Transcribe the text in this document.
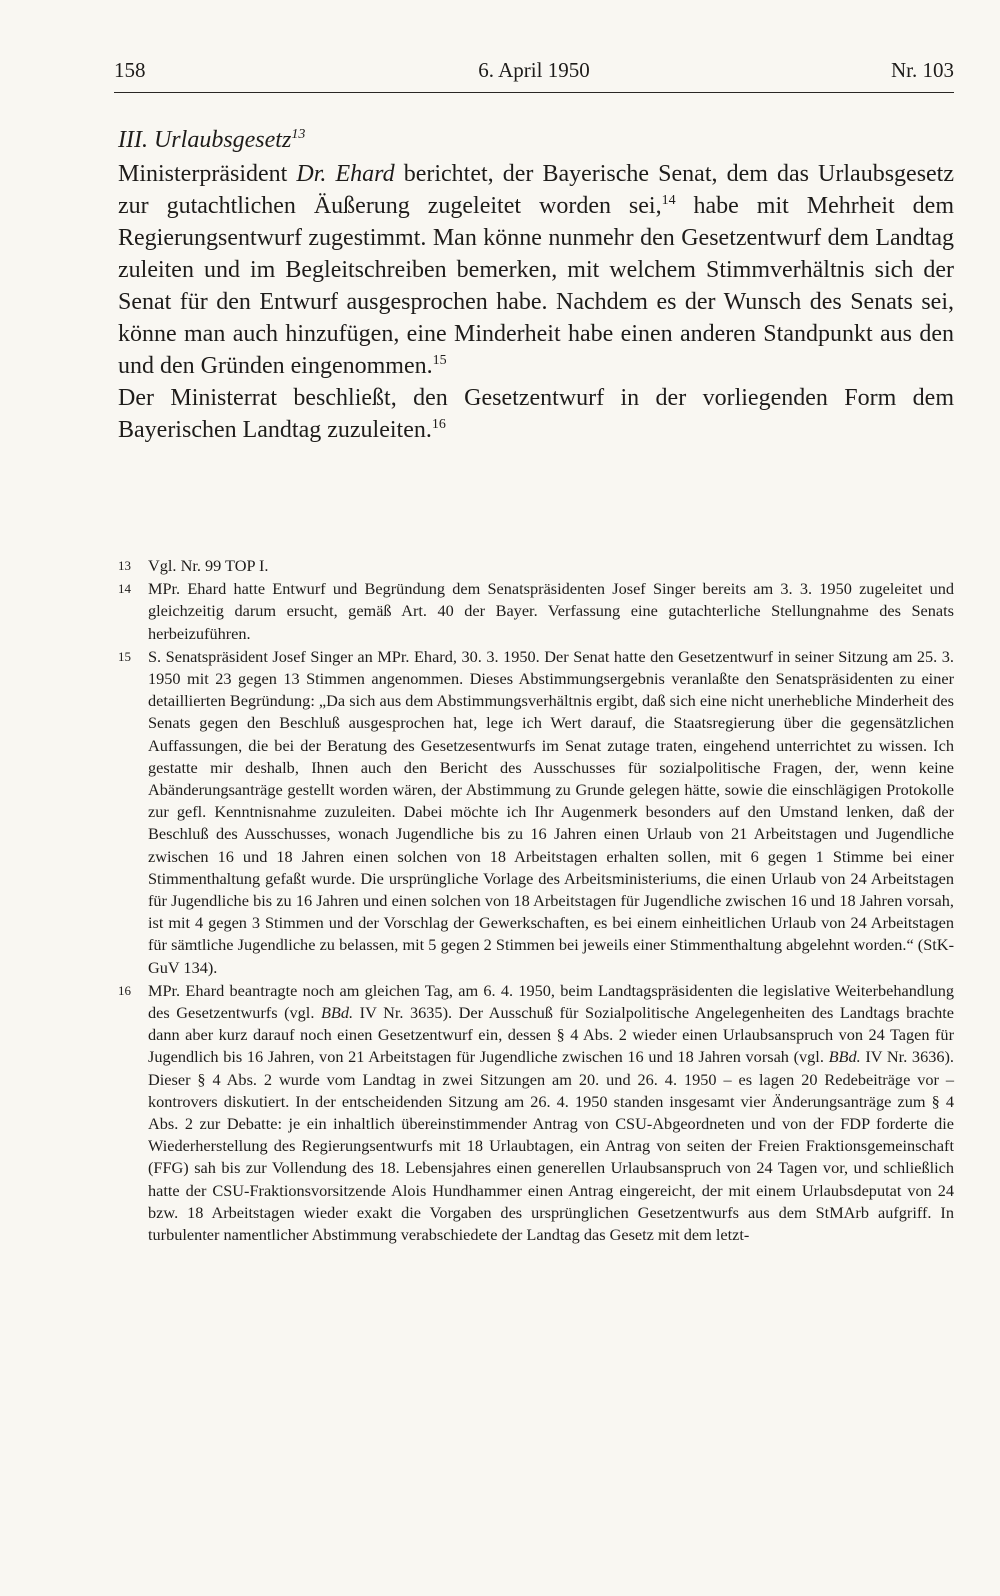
158	6. April 1950	Nr. 103
III. Urlaubsgesetz$^{13}$

Ministerpräsident Dr. Ehard berichtet, der Bayerische Senat, dem das Urlaubsgesetz zur gutachtlichen Äußerung zugeleitet worden sei,$^{14}$ habe mit Mehrheit dem Regierungsentwurf zugestimmt. Man könne nunmehr den Gesetzentwurf dem Landtag zuleiten und im Begleitschreiben bemerken, mit welchem Stimmverhältnis sich der Senat für den Entwurf ausgesprochen habe. Nachdem es der Wunsch des Senats sei, könne man auch hinzufügen, eine Minderheit habe einen anderen Standpunkt aus den und den Gründen eingenommen.$^{15}$

Der Ministerrat beschließt, den Gesetzentwurf in der vorliegenden Form dem Bayerischen Landtag zuzuleiten.$^{16}$

13 Vgl. Nr. 99 TOP I.
14 MPr. Ehard hatte Entwurf und Begründung dem Senatspräsidenten Josef Singer bereits am 3. 3. 1950 zugeleitet und gleichzeitig darum ersucht, gemäß Art. 40 der Bayer. Verfassung eine gutachterliche Stellungnahme des Senats herbeizuführen.
15 S. Senatspräsident Josef Singer an MPr. Ehard, 30. 3. 1950. Der Senat hatte den Gesetzentwurf in seiner Sitzung am 25. 3. 1950 mit 23 gegen 13 Stimmen angenommen. Dieses Abstimmungsergebnis veranlaßte den Senatspräsidenten zu einer detaillierten Begründung: „Da sich aus dem Abstimmungsverhältnis ergibt, daß sich eine nicht unerhebliche Minderheit des Senats gegen den Beschluß ausgesprochen hat, lege ich Wert darauf, die Staatsregierung über die gegensätzlichen Auffassungen, die bei der Beratung des Gesetzesentwurfs im Senat zutage traten, eingehend unterrichtet zu wissen. Ich gestatte mir deshalb, Ihnen auch den Bericht des Ausschusses für sozialpolitische Fragen, der, wenn keine Abänderungsanträge gestellt worden wären, der Abstimmung zu Grunde gelegen hätte, sowie die einschlägigen Protokolle zur gefl. Kenntnisnahme zuzuleiten. Dabei möchte ich Ihr Augenmerk besonders auf den Umstand lenken, daß der Beschluß des Ausschusses, wonach Jugendliche bis zu 16 Jahren einen Urlaub von 21 Arbeitstagen und Jugendliche zwischen 16 und 18 Jahren einen solchen von 18 Arbeitstagen erhalten sollen, mit 6 gegen 1 Stimme bei einer Stimmenthaltung gefaßt wurde. Die ursprüngliche Vorlage des Arbeitsministeriums, die einen Urlaub von 24 Arbeitstagen für Jugendliche bis zu 16 Jahren und einen solchen von 18 Arbeitstagen für Jugendliche zwischen 16 und 18 Jahren vorsah, ist mit 4 gegen 3 Stimmen und der Vorschlag der Gewerkschaften, es bei einem einheitlichen Urlaub von 24 Arbeitstagen für sämtliche Jugendliche zu belassen, mit 5 gegen 2 Stimmen bei jeweils einer Stimmenthaltung abgelehnt worden.“ (StK-GuV 134).
16 MPr. Ehard beantragte noch am gleichen Tag, am 6. 4. 1950, beim Landtagspräsidenten die legislative Weiterbehandlung des Gesetzentwurfs (vgl. BBd. IV Nr. 3635). Der Ausschuß für Sozialpolitische Angelegenheiten des Landtags brachte dann aber kurz darauf noch einen Gesetzentwurf ein, dessen § 4 Abs. 2 wieder einen Urlaubsanspruch von 24 Tagen für Jugendlich bis 16 Jahren, von 21 Arbeitstagen für Jugendliche zwischen 16 und 18 Jahren vorsah (vgl. BBd. IV Nr. 3636). Dieser § 4 Abs. 2 wurde vom Landtag in zwei Sitzungen am 20. und 26. 4. 1950 – es lagen 20 Redebeiträge vor – kontrovers diskutiert. In der entscheidenden Sitzung am 26. 4. 1950 standen insgesamt vier Änderungsanträge zum § 4 Abs. 2 zur Debatte: je ein inhaltlich übereinstimmender Antrag von CSU-Abgeordneten und von der FDP forderte die Wiederherstellung des Regierungsentwurfs mit 18 Urlaubtagen, ein Antrag von seiten der Freien Fraktionsgemeinschaft (FFG) sah bis zur Vollendung des 18. Lebensjahres einen generellen Urlaubsanspruch von 24 Tagen vor, und schließlich hatte der CSU-Fraktionsvorsitzende Alois Hundhammer einen Antrag eingereicht, der mit einem Urlaubsdeputat von 24 bzw. 18 Arbeitstagen wieder exakt die Vorgaben des ursprünglichen Gesetzentwurfs aus dem StMArb aufgriff. In turbulenter namentlicher Abstimmung verabschiedete der Landtag das Gesetz mit dem letzt-
